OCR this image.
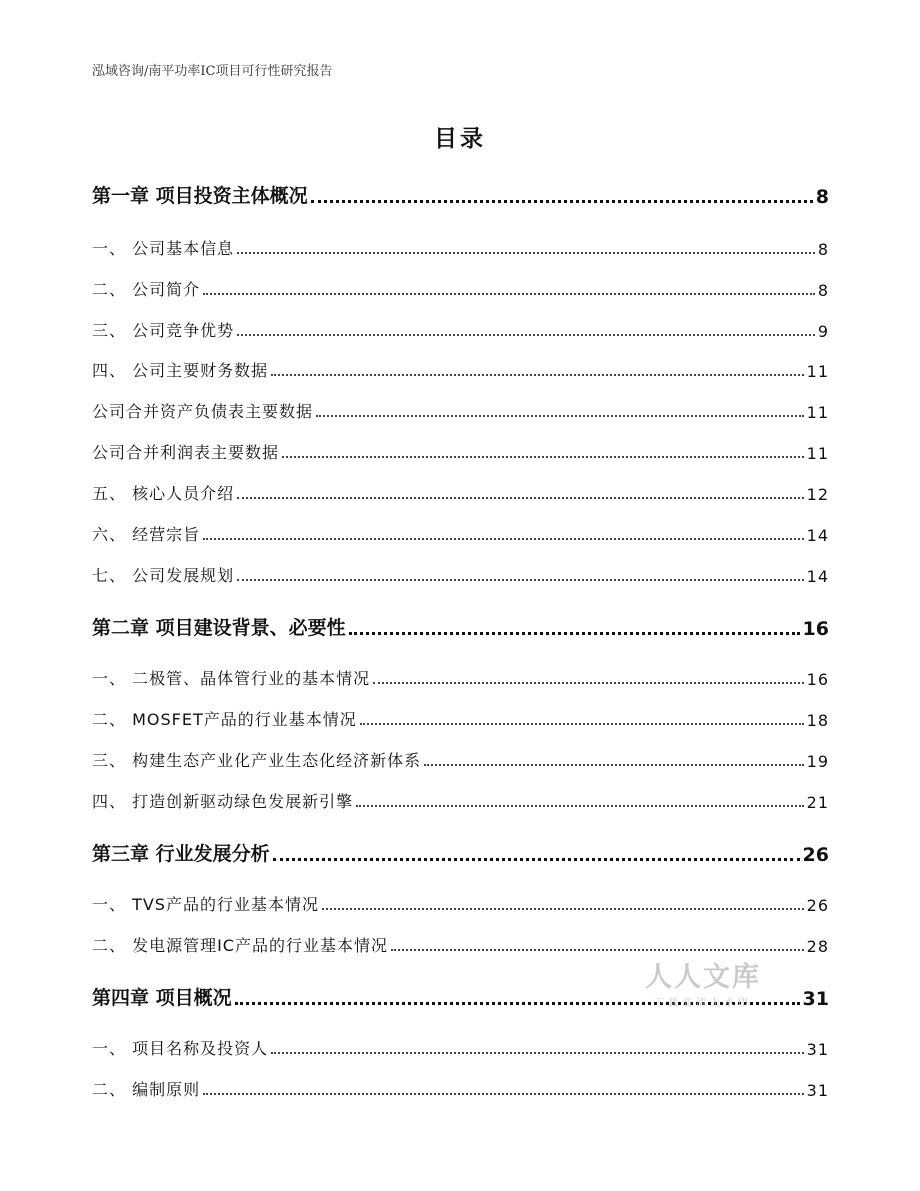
泓域咨询/南平功率IC项目可行性研究报告
目录
第一章 项目投资主体概况	8
一、 公司基本信息	8
二、 公司简介	8
三、 公司竞争优势	9
四、 公司主要财务数据	11
公司合并资产负债表主要数据	11
公司合并利润表主要数据	11
五、 核心人员介绍	12
六、 经营宗旨	14
七、 公司发展规划	14
第二章 项目建设背景、必要性	16
一、 二极管、晶体管行业的基本情况	16
二、 MOSFET产品的行业基本情况	18
三、 构建生态产业化产业生态化经济新体系	19
四、 打造创新驱动绿色发展新引擎	21
第三章 行业发展分析	26
一、 TVS产品的行业基本情况	26
二、 发电源管理IC产品的行业基本情况	28
第四章 项目概况	31
一、 项目名称及投资人	31
二、 编制原则	31
人人文库
下载高清无水印
